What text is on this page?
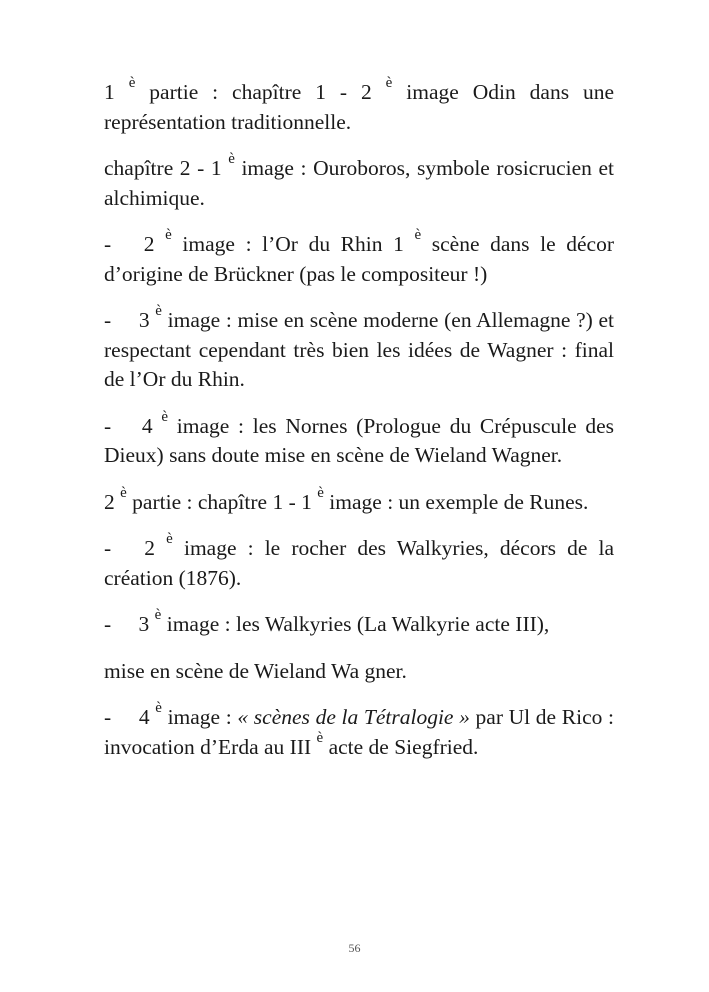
1 $^è$ partie : chapître 1 - 2 $^è$ image Odin dans une représentation traditionnelle.

chapître 2 - 1 $^è$ image : Ouroboros, symbole rosicrucien et alchimique.

- 2 $^è$ image : l’Or du Rhin 1 $^è$ scène dans le décor d’origine de Brückner (pas le compositeur !)

- 3 $^è$ image : mise en scène moderne (en Allemagne ?) et respectant cependant très bien les idées de Wagner : final de l’Or du Rhin.

- 4 $^è$ image : les Nornes (Prologue du Crépuscule des Dieux) sans doute mise en scène de Wieland Wagner.

2 $^è$ partie : chapître 1 - 1 $^è$ image : un exemple de Runes.

- 2 $^è$ image : le rocher des Walkyries, décors de la création (1876).

- 3 $^è$ image : les Walkyries (La Walkyrie acte III),

mise en scène de Wieland Wa gner.

- 4 $^è$ image : « scènes de la Tétralogie » par Ul de Rico : invocation d’Erda au III $^è$ acte de Siegfried.

56
